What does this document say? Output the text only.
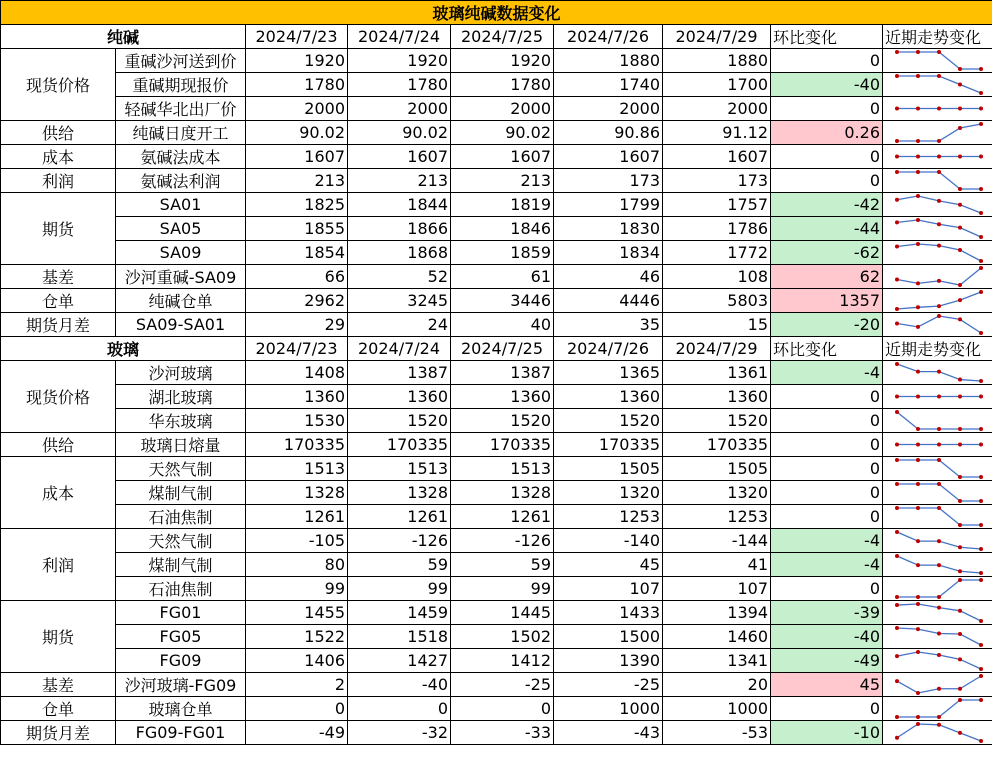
玻璃纯碱数据变化								
纯碱		2024/7/23	2024/7/24	2024/7/25	2024/7/26	2024/7/29	环比变化	近期走势变化
现货价格	重碱沙河送到价	1920	1920	1920	1880	1880	0	

	重碱期现报价	1780	1780	1780	1740	1700	-40	

	轻碱华北出厂价	2000	2000	2000	2000	2000	0	

供给	纯碱日度开工	90.02	90.02	90.02	90.86	91.12	0.26	

成本	氨碱法成本	1607	1607	1607	1607	1607	0	

利润	氨碱法利润	213	213	213	173	173	0	

期货	SA01	1825	1844	1819	1799	1757	-42	

	SA05	1855	1866	1846	1830	1786	-44	

	SA09	1854	1868	1859	1834	1772	-62	

基差	沙河重碱-SA09	66	52	61	46	108	62	

仓单	纯碱仓单	2962	3245	3446	4446	5803	1357	

期货月差	SA09-SA01	29	24	40	35	15	-20	

玻璃		2024/7/23	2024/7/24	2024/7/25	2024/7/26	2024/7/29	环比变化	近期走势变化
现货价格	沙河玻璃	1408	1387	1387	1365	1361	-4	

	湖北玻璃	1360	1360	1360	1360	1360	0	

	华东玻璃	1530	1520	1520	1520	1520	0	

供给	玻璃日熔量	170335	170335	170335	170335	170335	0	

成本	天然气制	1513	1513	1513	1505	1505	0	

	煤制气制	1328	1328	1328	1320	1320	0	

	石油焦制	1261	1261	1261	1253	1253	0	

利润	天然气制	-105	-126	-126	-140	-144	-4	

	煤制气制	80	59	59	45	41	-4	

	石油焦制	99	99	99	107	107	0	

期货	FG01	1455	1459	1445	1433	1394	-39	

	FG05	1522	1518	1502	1500	1460	-40	

	FG09	1406	1427	1412	1390	1341	-49	

基差	沙河玻璃-FG09	2	-40	-25	-25	20	45	

仓单	玻璃仓单	0	0	0	1000	1000	0	

期货月差	FG09-FG01	-49	-32	-33	-43	-53	-10	
